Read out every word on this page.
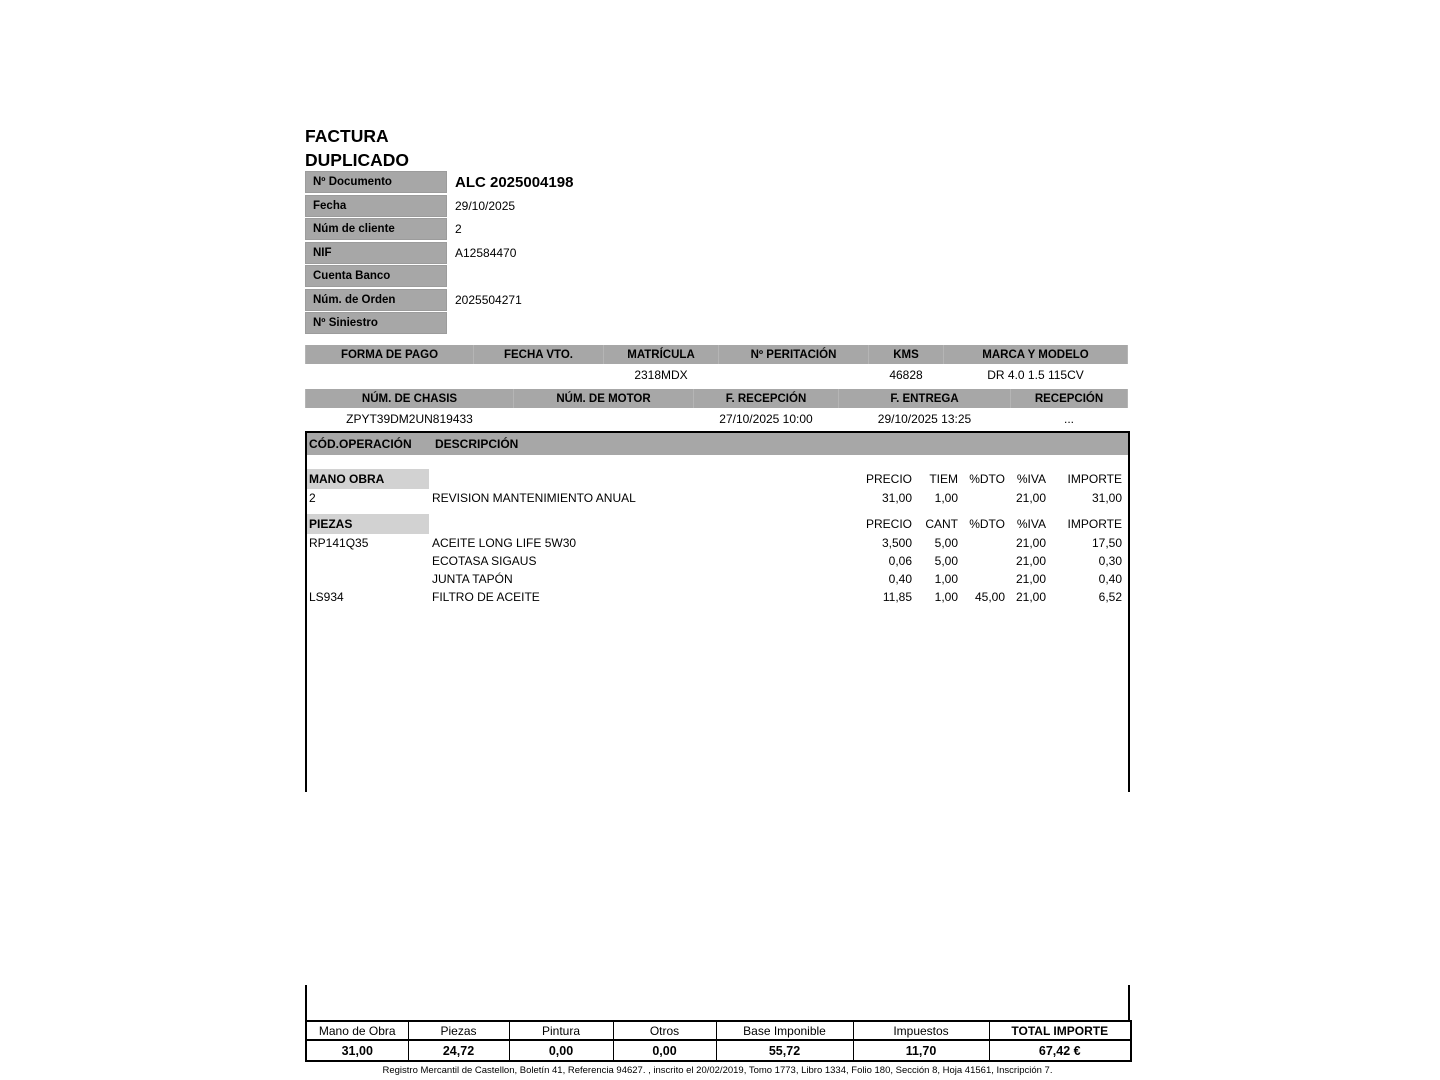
FACTURA
DUPLICADO
Nº Documento	ALC 2025004198
Fecha	29/10/2025
Núm de cliente	2
NIF	A12584470
Cuenta Banco
Núm. de Orden	2025504271
Nº Siniestro
FORMA DE PAGO	FECHA VTO.	MATRÍCULA	Nº PERITACIÓN	KMS	MARCA Y MODELO
		2318MDX		46828	DR 4.0 1.5 115CV
NÚM. DE CHASIS	NÚM. DE MOTOR	F. RECEPCIÓN	F. ENTREGA	RECEPCIÓN
ZPYT39DM2UN819433		27/10/2025 10:00	29/10/2025 13:25	...
CÓD.OPERACIÓN	DESCRIPCIÓN
MANO OBRA		PRECIO	TIEM	%DTO	%IVA	IMPORTE
2	REVISION MANTENIMIENTO ANUAL	31,00	1,00		21,00	31,00

PIEZAS		PRECIO	CANT	%DTO	%IVA	IMPORTE
RP141Q35	ACEITE LONG LIFE 5W30	3,500	5,00		21,00	17,50
	ECOTASA SIGAUS	0,06	5,00		21,00	0,30
	JUNTA TAPÓN	0,40	1,00		21,00	0,40
LS934	FILTRO DE ACEITE	11,85	1,00	45,00	21,00	6,52
Mano de Obra	Piezas	Pintura	Otros	Base Imponible	Impuestos	TOTAL IMPORTE
31,00	24,72	0,00	0,00	55,72	11,70	67,42 €
Registro Mercantil de Castellon, Boletín 41, Referencia 94627. , inscrito el 20/02/2019, Tomo 1773, Libro 1334, Folio 180, Sección 8, Hoja 41561, Inscripción 7.
